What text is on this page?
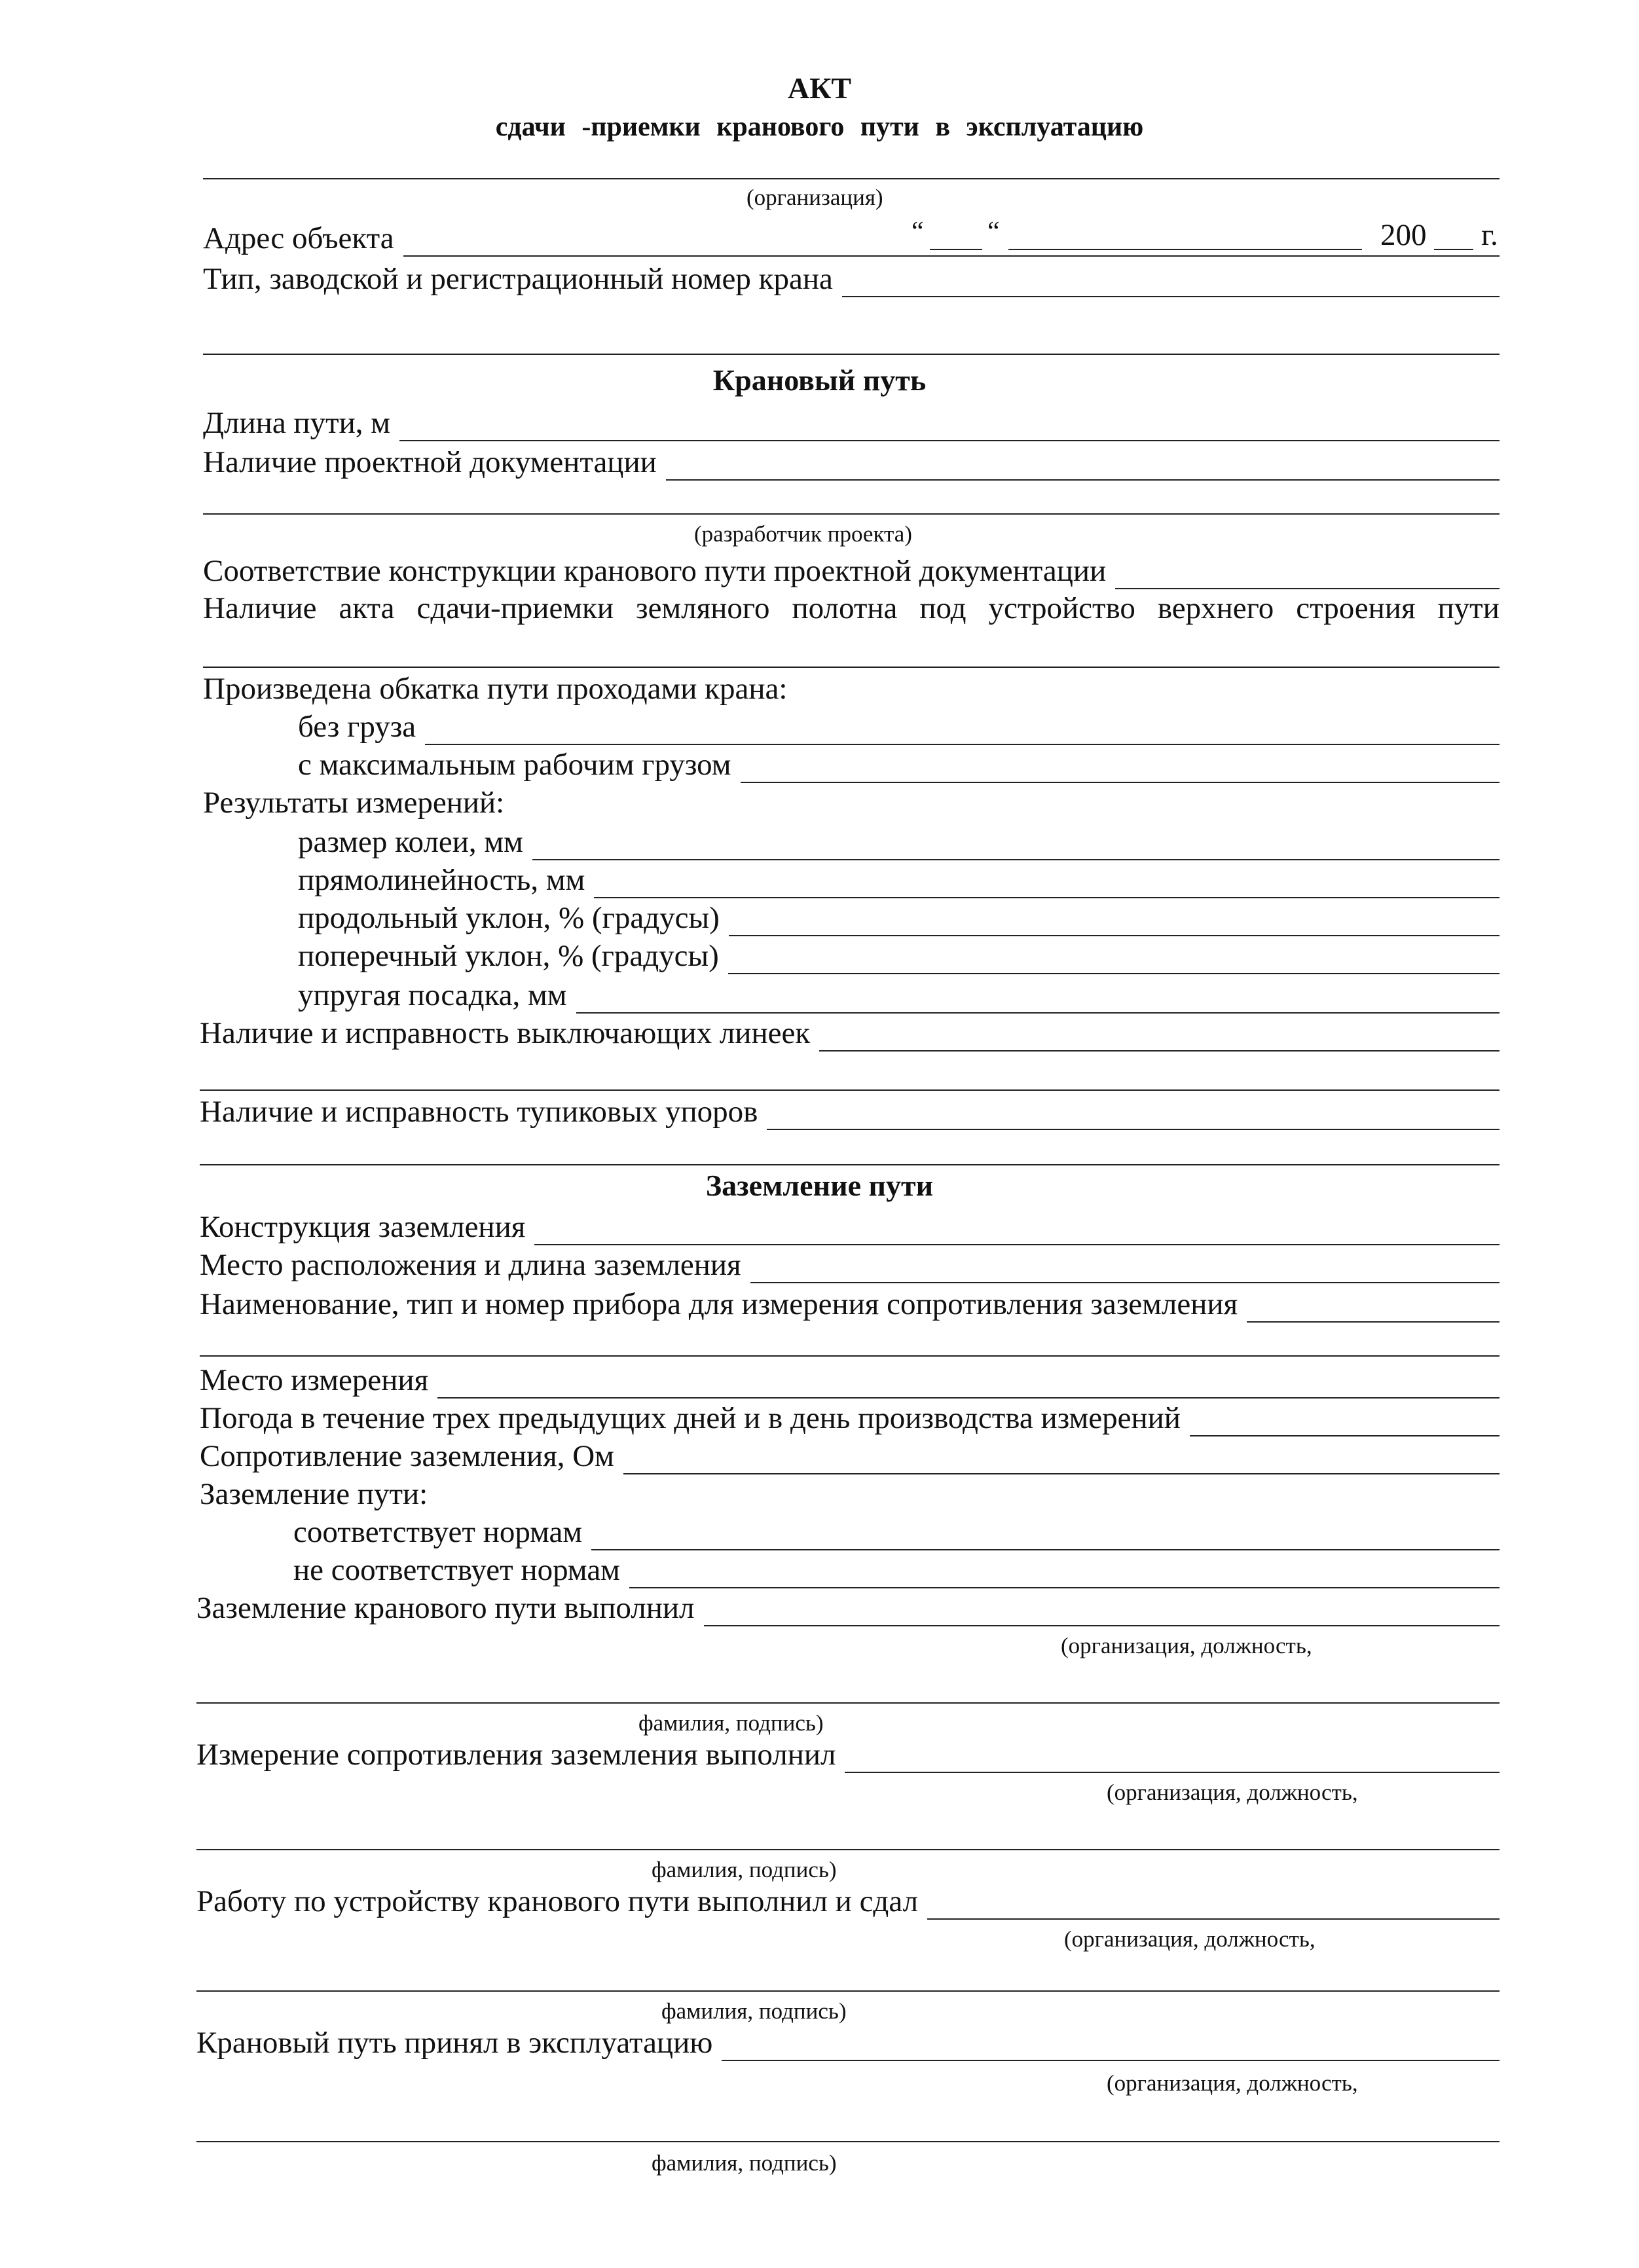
АКТ
сдачи -приемки кранового пути в эксплуатацию
(организация)
“ “	200 г.
Адрес объекта
Тип, заводской и регистрационный номер крана
Крановый путь
Длина пути, м
Наличие проектной документации
(разработчик проекта)
Соответствие конструкции кранового пути проектной документации
Наличие акта сдачи-приемки земляного полотна под устройство верхнего строения пути
Произведена обкатка пути проходами крана:
без груза
с максимальным рабочим грузом
Результаты измерений:
размер колеи, мм
прямолинейность, мм
продольный уклон, % (градусы)
поперечный уклон, % (градусы)
упругая посадка, мм
Наличие и исправность выключающих линеек
Наличие и исправность тупиковых упоров
Заземление пути
Конструкция заземления
Место расположения и длина заземления
Наименование, тип и номер прибора для измерения сопротивления заземления
Место измерения
Погода в течение трех предыдущих дней и в день производства измерений
Сопротивление заземления, Ом
Заземление пути:
соответствует нормам
не соответствует нормам
Заземление кранового пути выполнил
(организация, должность,
фамилия, подпись)
Измерение сопротивления заземления выполнил
(организация, должность,
фамилия, подпись)
Работу по устройству кранового пути выполнил и сдал
(организация, должность,
фамилия, подпись)
Крановый путь принял в эксплуатацию
(организация, должность,
фамилия, подпись)
